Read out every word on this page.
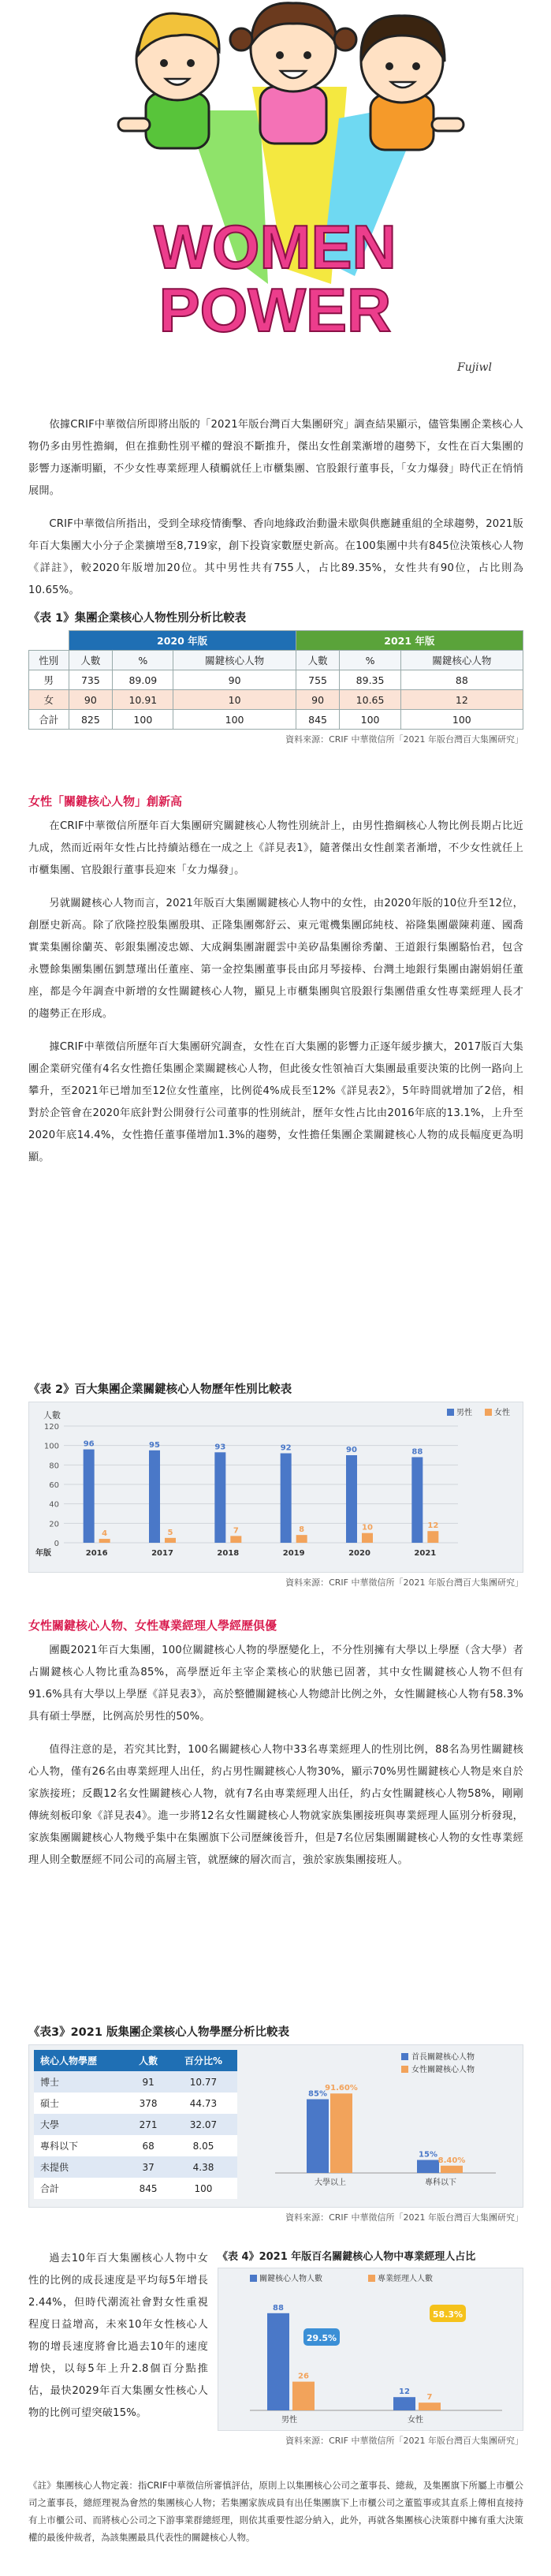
WOMEN
POWER
Fujiwl

依據CRIF中華徵信所即將出版的「2021年版台灣百大集團研究」調查結果顯示，儘管集團企業核心人物仍多由男性擔綱，但在推動性別平權的聲浪不斷推升，傑出女性創業漸增的趨勢下，女性在百大集團的影響力逐漸明顯，不少女性專業經理人積觸就任上市櫃集團、官股銀行董事長，「女力爆發」時代正在悄悄展開。

CRIF中華徵信所指出，受到全球疫情衝擊、香向地緣政治動盪未歇與供應鏈重組的全球趨勢，2021版年百大集團大小分子企業擴增至8,719家，創下投資家數歷史新高。在100集團中共有845位決策核心人物《詳註》，較2020年版增加20位。其中男性共有755人，占比89.35%，女性共有90位，占比則為10.65%。

《表 1》集團企業核心人物性別分析比較表

	2020 年版			2021 年版		
性別	人數	%	關鍵核心人物	人數	%	關鍵核心人物
男	735	89.09	90	755	89.35	88
女	90	10.91	10	90	10.65	12
合計	825	100	100	845	100	100
資料來源：CRIF 中華徵信所「2021 年版台灣百大集團研究」

女性「關鍵核心人物」創新高

在CRIF中華徵信所歷年百大集團研究關鍵核心人物性別統計上，由男性擔綱核心人物比例長期占比近九成，然而近兩年女性占比持續站穩在一成之上《詳見表1》，隨著傑出女性創業者漸增，不少女性就任上市櫃集團、官股銀行董事長迎來「女力爆發」。

另就關鍵核心人物而言，2021年版百大集團關鍵核心人物中的女性，由2020年版的10位升至12位，創歷史新高。除了欣隆控股集團殷琪、正隆集團鄭舒云、東元電機集團邱純枝、裕隆集團嚴陳莉蓮、國喬實業集團徐蘭英、彰銀集團凌忠嫄、大成鋼集團謝麗雲中美矽晶集團徐秀蘭、王道銀行集團駱怡君，包含永豐餘集團集團伍劉慧瑾出任董座、第一金控集團董事長由邱月琴接棒、台灣土地銀行集團由謝娟娟任董座，都是今年調查中新增的女性關鍵核心人物，顯見上市櫃集團與官股銀行集團借重女性專業經理人長才的趨勢正在形成。

據CRIF中華徵信所歷年百大集團研究調查，女性在百大集團的影響力正逐年緩步擴大，2017版百大集團企業研究僅有4名女性擔任集團企業關鍵核心人物，但此後女性領袖百大集團最重要決策的比例一路向上攀升，至2021年已增加至12位女性董座，比例從4%成長至12%《詳見表2》，5年時間就增加了2倍，相對於企管會在2020年底針對公開發行公司董事的性別統計，歷年女性占比由2016年底的13.1%，上升至2020年底14.4%，女性擔任董事僅增加1.3%的趨勢，女性擔任集團企業關鍵核心人物的成長幅度更為明顯。

《表 2》百大集團企業關鍵核心人物歷年性別比較表

人數
120
100
80
60
40
20
0
96
4
2016
95
5
2017
93
7
2018
92
8
2019
90
10
2020
88
12
2021
年版
男性	女性
資料來源：CRIF 中華徵信所「2021 年版台灣百大集團研究」

女性關鍵核心人物、女性專業經理人學經歷俱優

團觀2021年百大集團，100位關鍵核心人物的學歷變化上，不分性別擁有大學以上學歷（含大學）者占關鍵核心人物比重為85%，高學歷近年主宰企業核心的狀態已固著，其中女性關鍵核心人物不但有91.6%具有大學以上學歷《詳見表3》，高於整體關鍵核心人物總計比例之外，女性關鍵核心人物有58.3%具有碩士學歷，比例高於男性的50%。

值得注意的是，若究其比對，100名關鍵核心人物中33名專業經理人的性別比例，88名為男性關鍵核心人物，僅有26名由專業經理人出任，約占男性關鍵核心人物30%，顯示70%男性關鍵核心人物是來自於家族接班；反觀12名女性關鍵核心人物，就有7名由專業經理人出任，約占女性關鍵核心人物58%，剛剛傳統刻板印象《詳見表4》。進一步將12名女性關鍵核心人物就家族集團接班與專業經理人區別分析發現，家族集團關鍵核心人物幾乎集中在集團旗下公司歷練後晉升，但是7名位居集團關鍵核心人物的女性專業經理人則全數歷經不同公司的高層主管，就歷練的層次而言，強於家族集團接班人。

《表3》2021 版集團企業核心人物學歷分析比較表

核心人物學歷	人數	百分比%
博士	91	10.77
碩士	378	44.73
大學	271	32.07
專科以下	68	8.05
未提供	37	4.38
合計	845	100
85%
91.60%
大學以上
15%
8.40%
專科以下
首長關鍵核心人物
女性關鍵核心人物
資料來源：CRIF 中華徵信所「2021 年版台灣百大集團研究」

過去10年百大集團核心人物中女性的比例的成長速度是平均每5年增長2.44%，但時代潮流社會對女性重視程度日益增高，未來10年女性核心人物的增長速度將會比過去10年的速度增快，以每5年上升2.8個百分點推估，最快2029年百大集團女性核心人物的比例可望突破15%。

《表 4》2021 年版百名關鍵核心人物中專業經理人占比

88
26
男性
29.5%
12
7
女性
58.3%
關鍵核心人物人數	專業經理人人數
資料來源：CRIF 中華徵信所「2021 年版台灣百大集團研究」

《註》集團核心人物定義：指CRIF中華徵信所審慎評估，原則上以集團核心公司之董事長、總裁，及集團旗下所屬上市櫃公司之董事長，總經理視為會然的集團核心人物；若集團家族成員有出任集團旗下上市櫃公司之董監事或其直系上傳相直接持有上市櫃公司、而將核心公司之下游事業群總經理，則依其重要性認分納入，此外，再就各集團核心決策群中擁有重大決策權的最後仲裁者，為該集團最具代表性的關鍵核心人物。
